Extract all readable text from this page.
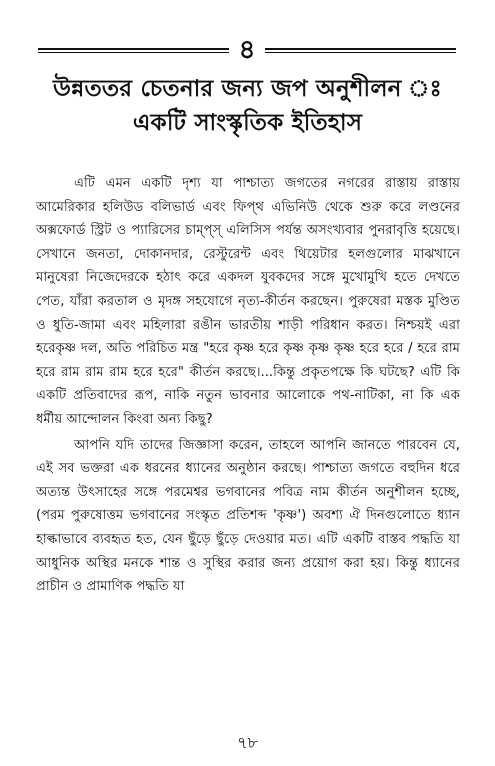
৪
উন্নততর চেতনার জন্য জপ অনুশীলন ঃ
একটি সাংস্কৃতিক ইতিহাস

এটি এমন একটি দৃশ্য যা পাশ্চাত্য জগতের নগরের রাস্তায় রাস্তায় আমেরিকার হলিউড বলিভার্ড এবং ফিপ্থ এভিনিউ থেকে শুরু করে লণ্ডনের অক্সফোর্ড স্ট্রিট ও প্যারিসের চাম্প্স্ এলিসিস পর্যন্ত অসংখ্যবার পুনরাবৃত্তি হয়েছে। সেখানে জনতা, দোকানদার, রেস্টুরেন্ট এবং থিয়েটার হলগুলোর মাঝখানে মানুষেরা নিজেদেরকে হঠাৎ করে একদল যুবকদের সঙ্গে মুখোমুখি হতে দেখতে পেত, যাঁরা করতাল ও মৃদঙ্গ সহযোগে নৃত্য-কীর্তন করছেন। পুরুষেরা মস্তক মুণ্ডিত ও ধুতি-জামা এবং মহিলারা রঙীন ভারতীয় শাড়ী পরিধান করত। নিশ্চয়ই এরা হরেকৃষ্ণ দল, অতি পরিচিত মন্ত্র "হরে কৃষ্ণ হরে কৃষ্ণ কৃষ্ণ কৃষ্ণ হরে হরে / হরে রাম হরে রাম রাম রাম হরে হরে" কীর্তন করছে।...কিন্তু প্রকৃতপক্ষে কি ঘটছে? এটি কি একটি প্রতিবাদের রূপ, নাকি নতুন ভাবনার আলোকে পথ-নাটিকা, না কি এক ধর্মীয় আন্দোলন কিংবা অন্য কিছু?

আপনি যদি তাদের জিজ্ঞাসা করেন, তাহলে আপনি জানতে পারবেন যে, এই সব ভক্তরা এক ধরনের ধ্যানের অনুষ্ঠান করছে। পাশ্চাত্য জগতে বহুদিন ধরে অত্যন্ত উৎসাহের সঙ্গে পরমেশ্বর ভগবানের পবিত্র নাম কীর্তন অনুশীলন হচ্ছে, (পরম পুরুষোত্তম ভগবানের সংস্কৃত প্রতিশব্দ 'কৃষ্ণ') অবশ্য ঐ দিনগুলোতে ধ্যান হাল্কাভাবে ব্যবহৃত হত, যেন ছুঁড়ে ছুঁড়ে দেওয়ার মত। এটি একটি বাস্তব পদ্ধতি যা আধুনিক অস্থির মনকে শান্ত ও সুস্থির করার জন্য প্রয়োগ করা হয়। কিন্তু ধ্যানের প্রাচীন ও প্রামাণিক পদ্ধতি যা

৭৮
